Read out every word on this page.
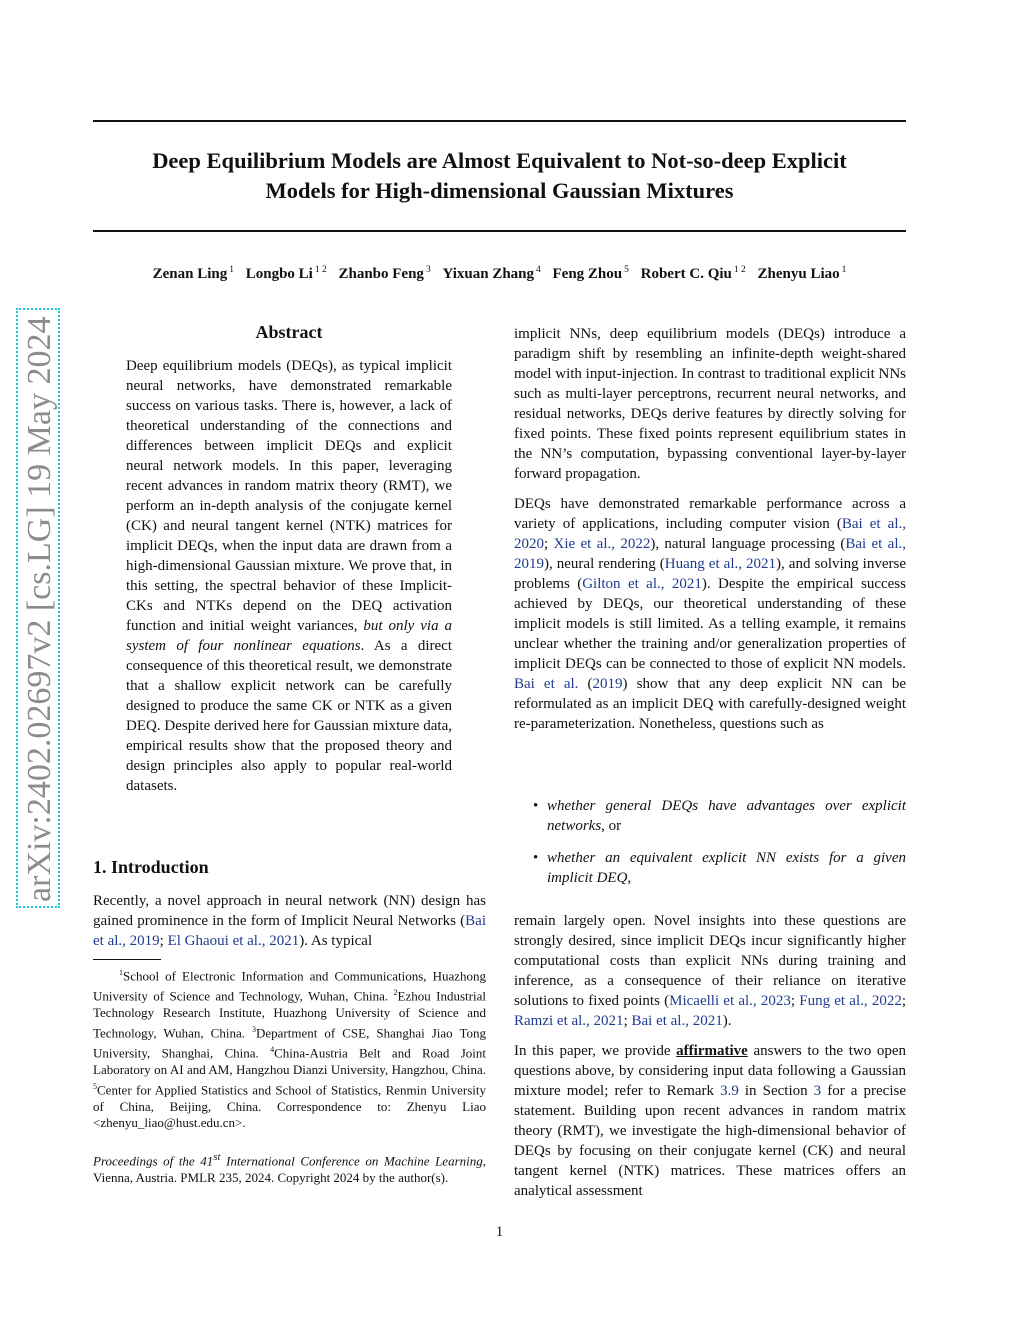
Deep Equilibrium Models are Almost Equivalent to Not-so-deep Explicit
Models for High-dimensional Gaussian Mixtures
Zenan Ling $^1$ Longbo Li $^{1 2}$ Zhanbo Feng $^3$ Yixuan Zhang $^4$ Feng Zhou $^5$ Robert C. Qiu $^{1 2}$ Zhenyu Liao $^1$
arXiv:2402.02697v2 [cs.LG] 19 May 2024	Abstract
Deep equilibrium models (DEQs), as typical implicit neural networks, have demonstrated remarkable success on various tasks. There is, however, a lack of theoretical understanding of the connections and differences between implicit DEQs and explicit neural network models. In this paper, leveraging recent advances in random matrix theory (RMT), we perform an in-depth analysis of the conjugate kernel (CK) and neural tangent kernel (NTK) matrices for implicit DEQs, when the input data are drawn from a high-dimensional Gaussian mixture. We prove that, in this setting, the spectral behavior of these Implicit-CKs and NTKs depend on the DEQ activation function and initial weight variances, but only via a system of four nonlinear equations. As a direct consequence of this theoretical result, we demonstrate that a shallow explicit network can be carefully designed to produce the same CK or NTK as a given DEQ. Despite derived here for Gaussian mixture data, empirical results show that the proposed theory and design principles also apply to popular real-world datasets.
1. Introduction
Recently, a novel approach in neural network (NN) design has gained prominence in the form of Implicit Neural Networks (Bai et al., 2019; El Ghaoui et al., 2021). As typical
$^1$School of Electronic Information and Communications, Huazhong University of Science and Technology, Wuhan, China. $^2$Ezhou Industrial Technology Research Institute, Huazhong University of Science and Technology, Wuhan, China. $^3$Department of CSE, Shanghai Jiao Tong University, Shanghai, China. $^4$China-Austria Belt and Road Joint Laboratory on AI and AM, Hangzhou Dianzi University, Hangzhou, China. $^5$Center for Applied Statistics and School of Statistics, Renmin University of China, Beijing, China. Correspondence to: Zhenyu Liao <zhenyu_liao@hust.edu.cn>.
Proceedings of the 41st International Conference on Machine Learning, Vienna, Austria. PMLR 235, 2024. Copyright 2024 by the author(s).
implicit NNs, deep equilibrium models (DEQs) introduce a paradigm shift by resembling an infinite-depth weight-shared model with input-injection. In contrast to traditional explicit NNs such as multi-layer perceptrons, recurrent neural networks, and residual networks, DEQs derive features by directly solving for fixed points. These fixed points represent equilibrium states in the NN’s computation, bypassing conventional layer-by-layer forward propagation.
DEQs have demonstrated remarkable performance across a variety of applications, including computer vision (Bai et al., 2020; Xie et al., 2022), natural language processing (Bai et al., 2019), neural rendering (Huang et al., 2021), and solving inverse problems (Gilton et al., 2021). Despite the empirical success achieved by DEQs, our theoretical understanding of these implicit models is still limited. As a telling example, it remains unclear whether the training and/or generalization properties of implicit DEQs can be connected to those of explicit NN models. Bai et al. (2019) show that any deep explicit NN can be reformulated as an implicit DEQ with carefully-designed weight re-parameterization. Nonetheless, questions such as
• whether general DEQs have advantages over explicit networks, or
• whether an equivalent explicit NN exists for a given implicit DEQ,
remain largely open. Novel insights into these questions are strongly desired, since implicit DEQs incur significantly higher computational costs than explicit NNs during training and inference, as a consequence of their reliance on iterative solutions to fixed points (Micaelli et al., 2023; Fung et al., 2022; Ramzi et al., 2021; Bai et al., 2021).
In this paper, we provide affirmative answers to the two open questions above, by considering input data following a Gaussian mixture model; refer to Remark 3.9 in Section 3 for a precise statement. Building upon recent advances in random matrix theory (RMT), we investigate the high-dimensional behavior of DEQs by focusing on their conjugate kernel (CK) and neural tangent kernel (NTK) matrices. These matrices offers an analytical assessment
1
